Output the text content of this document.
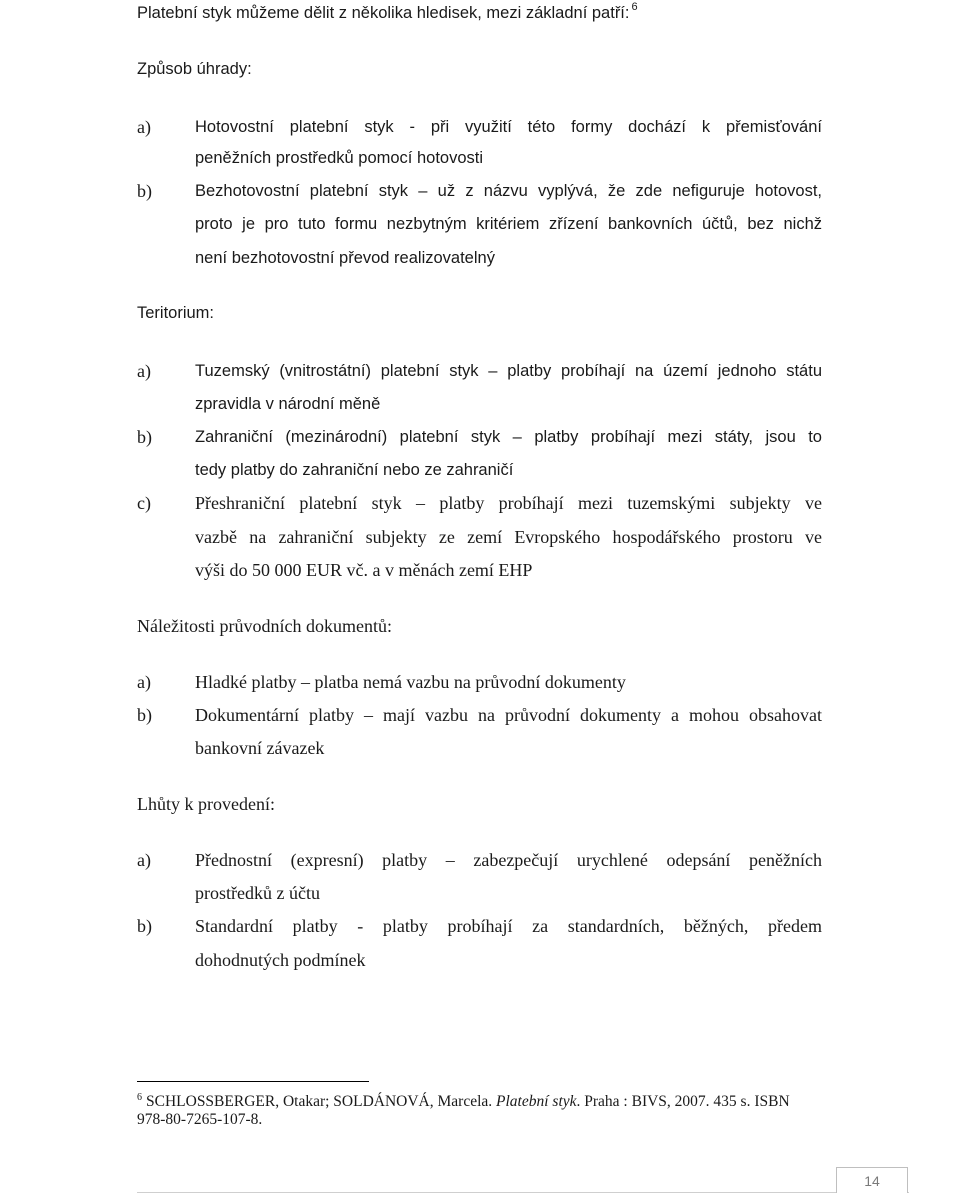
Platební styk můžeme dělit z několika hledisek, mezi základní patří: $^6$
Způsob úhrady:
a)	Hotovostní platební styk - při využití této formy dochází k přemisťování
peněžních prostředků pomocí hotovosti
b)	Bezhotovostní platební styk – už z názvu vyplývá, že zde nefiguruje hotovost,
proto je pro tuto formu nezbytným kritériem zřízení bankovních účtů, bez nichž
není bezhotovostní převod realizovatelný
Teritorium:
a)	Tuzemský (vnitrostátní) platební styk – platby probíhají na území jednoho státu
zpravidla v národní měně
b)	Zahraniční (mezinárodní) platební styk – platby probíhají mezi státy, jsou to
tedy platby do zahraniční nebo ze zahraničí
c) Přeshraniční platební styk – platby probíhají mezi tuzemskými subjekty ve
vazbě na zahraniční subjekty ze zemí Evropského hospodářského prostoru ve
výši do 50 000 EUR vč. a v měnách zemí EHP
Náležitosti průvodních dokumentů:
a) Hladké platby – platba nemá vazbu na průvodní dokumenty
b) Dokumentární platby – mají vazbu na průvodní dokumenty a mohou obsahovat
bankovní závazek
Lhůty k provedení:
a) Přednostní (expresní) platby – zabezpečují urychlené odepsání peněžních
prostředků z účtu
b) Standardní platby - platby probíhají za standardních, běžných, předem
dohodnutých podmínek
$^6$ SCHLOSSBERGER, Otakar; SOLDÁNOVÁ, Marcela. Platební styk. Praha : BIVS, 2007. 435 s. ISBN
978-80-7265-107-8.
14
